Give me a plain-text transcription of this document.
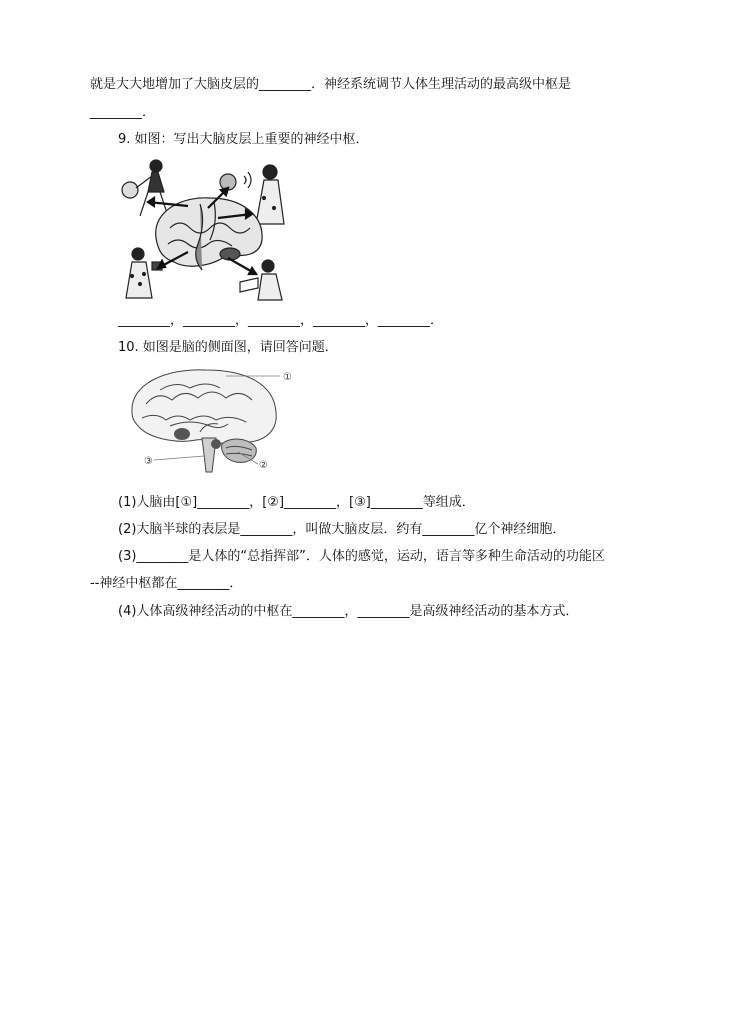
就是大大地增加了大脑皮层的________．神经系统调节人体生理活动的最高级中枢是
________．
9. 如图：写出大脑皮层上重要的神经中枢．
________，________，________，________，________．
10. 如图是脑的侧面图，请回答问题．
①
②
③
(1)人脑由[①]________，[②]________，[③]________等组成．
(2)大脑半球的表层是________，叫做大脑皮层．约有________亿个神经细胞．
(3)________是人体的“总指挥部”．人体的感觉，运动，语言等多种生命活动的功能区
--神经中枢都在________．
(4)人体高级神经活动的中枢在________，________是高级神经活动的基本方式．
